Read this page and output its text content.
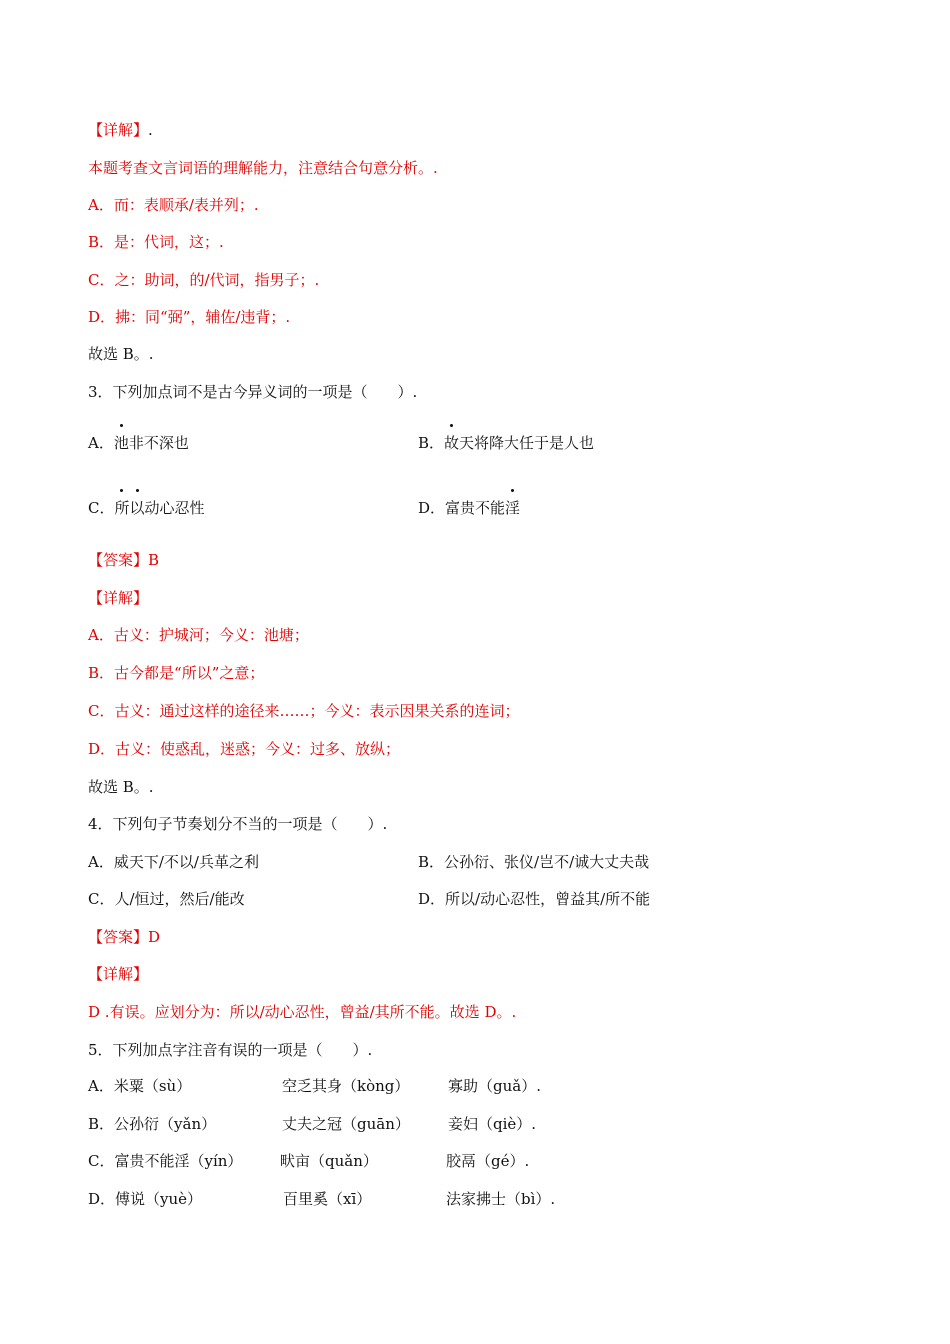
【详解】.
本题考查文言词语的理解能力，注意结合句意分析。.
A．而：表顺承/表并列；.
B．是：代词，这；.
C．之：助词，的/代词，指男子；.
D．拂：同“弼”，辅佐/违背；.
故选 B。.
3．下列加点词不是古今异义词的一项是（　　）.
A．池非不深也	B．故天将降大任于是人也
C．所以动心忍性	D．富贵不能淫
【答案】B
【详解】
A．古义：护城河；今义：池塘；
B．古今都是“所以”之意；
C．古义：通过这样的途径来……；今义：表示因果关系的连词；
D．古义：使惑乱，迷惑；今义：过多、放纵；
故选 B。.
4．下列句子节奏划分不当的一项是（　　）.
A．威天下/不以/兵革之利	B．公孙衍、张仪/岂不/诚大丈夫哉
C．人/恒过，然后/能改	D．所以/动心忍性，曾益其/所不能
【答案】D
【详解】
D .有误。应划分为：所以/动心忍性，曾益/其所不能。故选 D。.
5．下列加点字注音有误的一项是（　　）.
A．米粟（sù）	空乏其身（kòng）	寡助（guǎ）.
B．公孙衍（yǎn）	丈夫之冠（guān）	妾妇（qiè）.
C．富贵不能淫（yín）	畎亩（quǎn）	胶鬲（gé）.
D．傅说（yuè）	百里奚（xī）	法家拂士（bì）.
